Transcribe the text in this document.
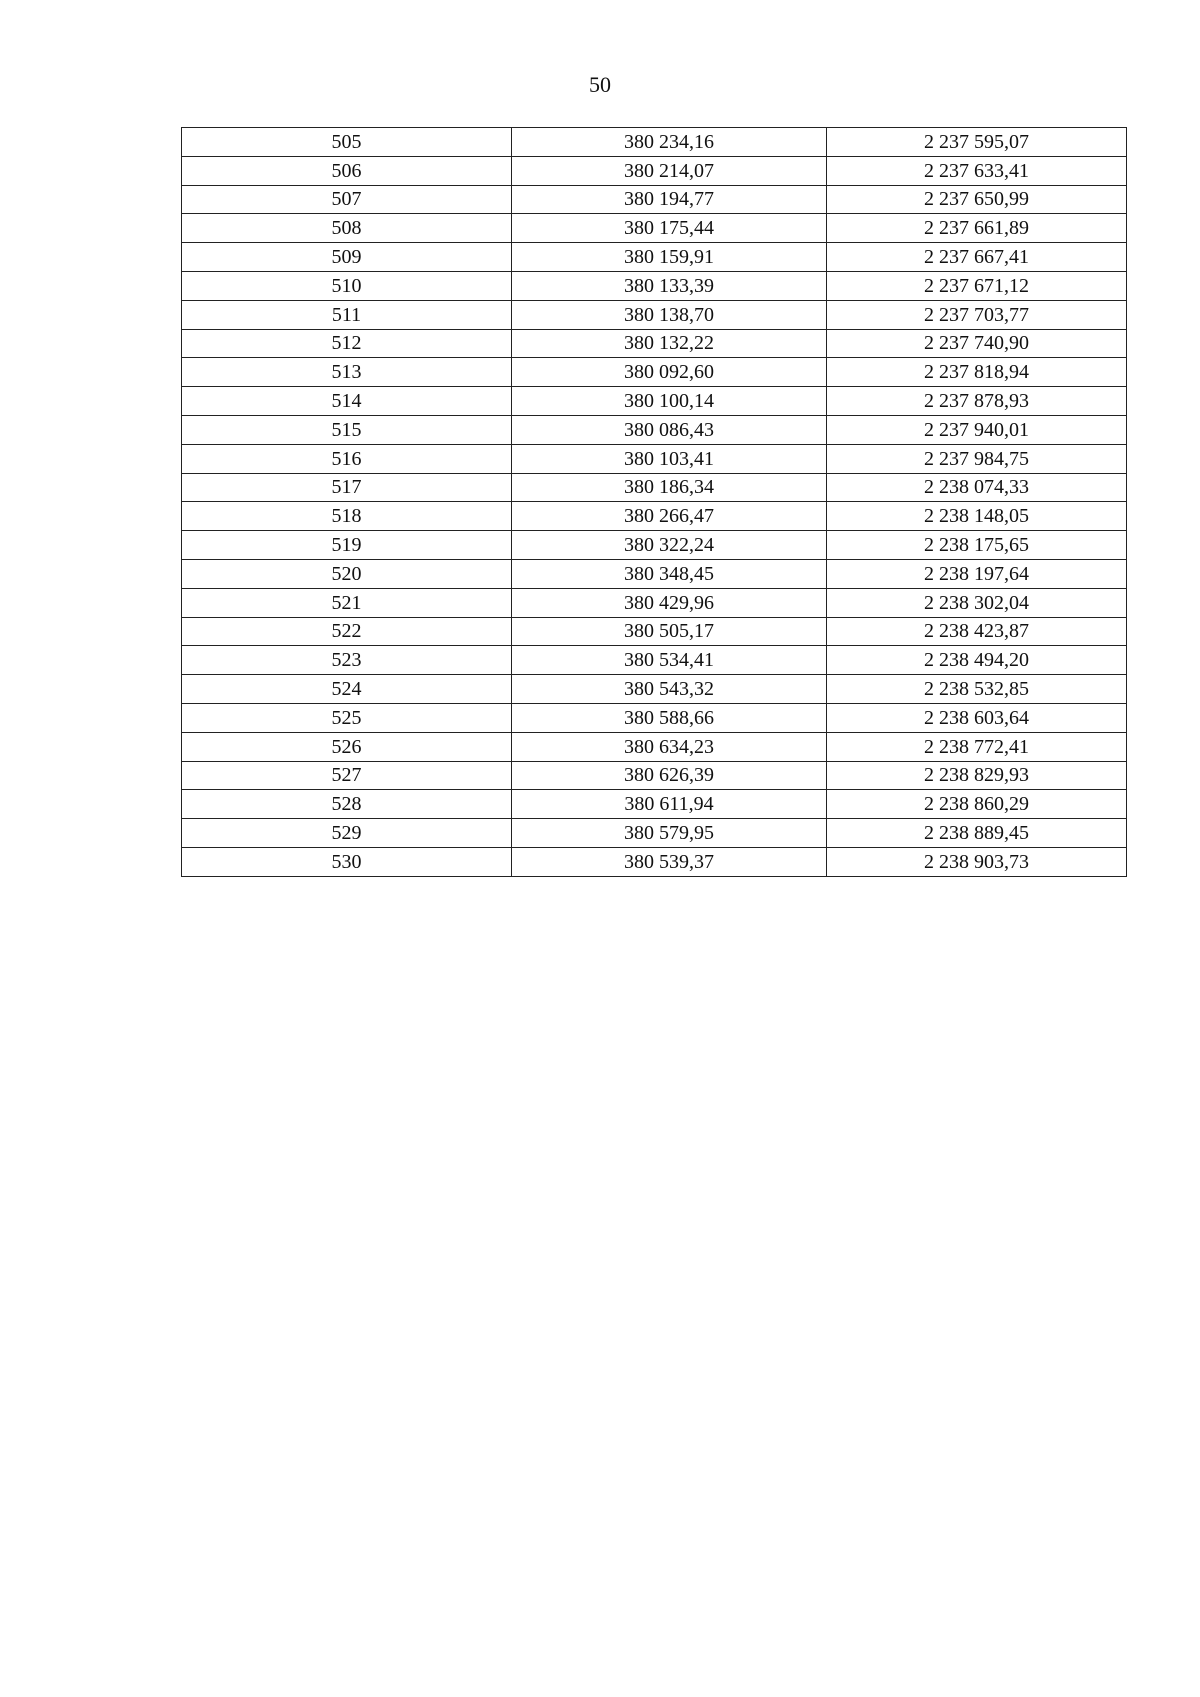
50
505	380 234,16	2 237 595,07
506	380 214,07	2 237 633,41
507	380 194,77	2 237 650,99
508	380 175,44	2 237 661,89
509	380 159,91	2 237 667,41
510	380 133,39	2 237 671,12
511	380 138,70	2 237 703,77
512	380 132,22	2 237 740,90
513	380 092,60	2 237 818,94
514	380 100,14	2 237 878,93
515	380 086,43	2 237 940,01
516	380 103,41	2 237 984,75
517	380 186,34	2 238 074,33
518	380 266,47	2 238 148,05
519	380 322,24	2 238 175,65
520	380 348,45	2 238 197,64
521	380 429,96	2 238 302,04
522	380 505,17	2 238 423,87
523	380 534,41	2 238 494,20
524	380 543,32	2 238 532,85
525	380 588,66	2 238 603,64
526	380 634,23	2 238 772,41
527	380 626,39	2 238 829,93
528	380 611,94	2 238 860,29
529	380 579,95	2 238 889,45
530	380 539,37	2 238 903,73
